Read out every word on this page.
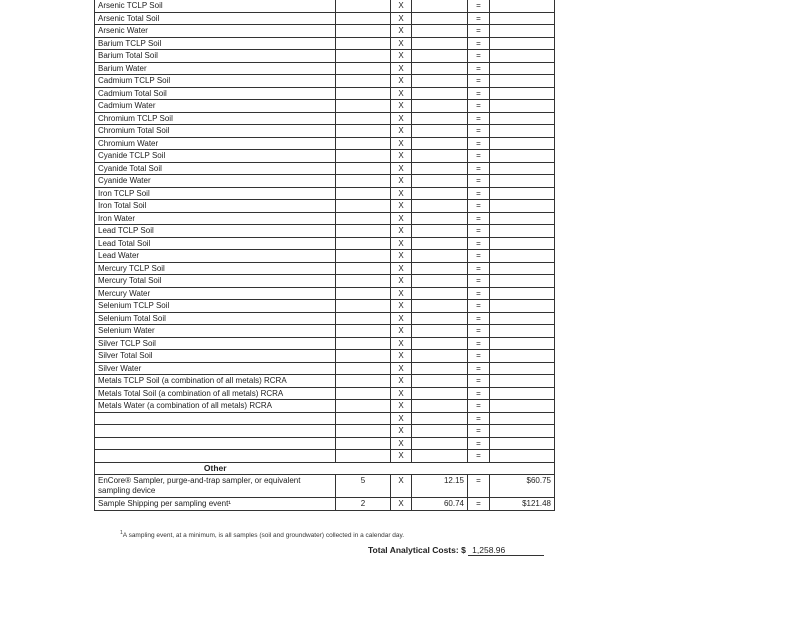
Arsenic TCLP Soil		X		=	
Arsenic Total Soil		X		=	
Arsenic Water		X		=	
Barium TCLP Soil		X		=	
Barium Total Soil		X		=	
Barium Water		X		=	
Cadmium TCLP Soil		X		=	
Cadmium Total Soil		X		=	
Cadmium Water		X		=	
Chromium TCLP Soil		X		=	
Chromium Total Soil		X		=	
Chromium Water		X		=	
Cyanide TCLP Soil		X		=	
Cyanide Total Soil		X		=	
Cyanide Water		X		=	
Iron TCLP Soil		X		=	
Iron Total Soil		X		=	
Iron Water		X		=	
Lead TCLP Soil		X		=	
Lead Total Soil		X		=	
Lead Water		X		=	
Mercury TCLP Soil		X		=	
Mercury Total Soil		X		=	
Mercury Water		X		=	
Selenium TCLP Soil		X		=	
Selenium Total Soil		X		=	
Selenium Water		X		=	
Silver TCLP Soil		X		=	
Silver Total Soil		X		=	
Silver Water		X		=	
Metals TCLP Soil (a combination of all metals) RCRA		X		=	
Metals Total Soil (a combination of all metals) RCRA		X		=	
Metals Water (a combination of all metals) RCRA		X		=	
		X		=	
		X		=	
		X		=	
		X		=	
Other					
EnCore® Sampler, purge-and-trap sampler, or equivalent sampling device	5	X	12.15	=	$60.75
Sample Shipping per sampling event¹	2	X	60.74	=	$121.48
$^1$A sampling event, at a minimum, is all samples (soil and groundwater) collected in a calendar day.
Total Analytical Costs: $ 1,258.96
